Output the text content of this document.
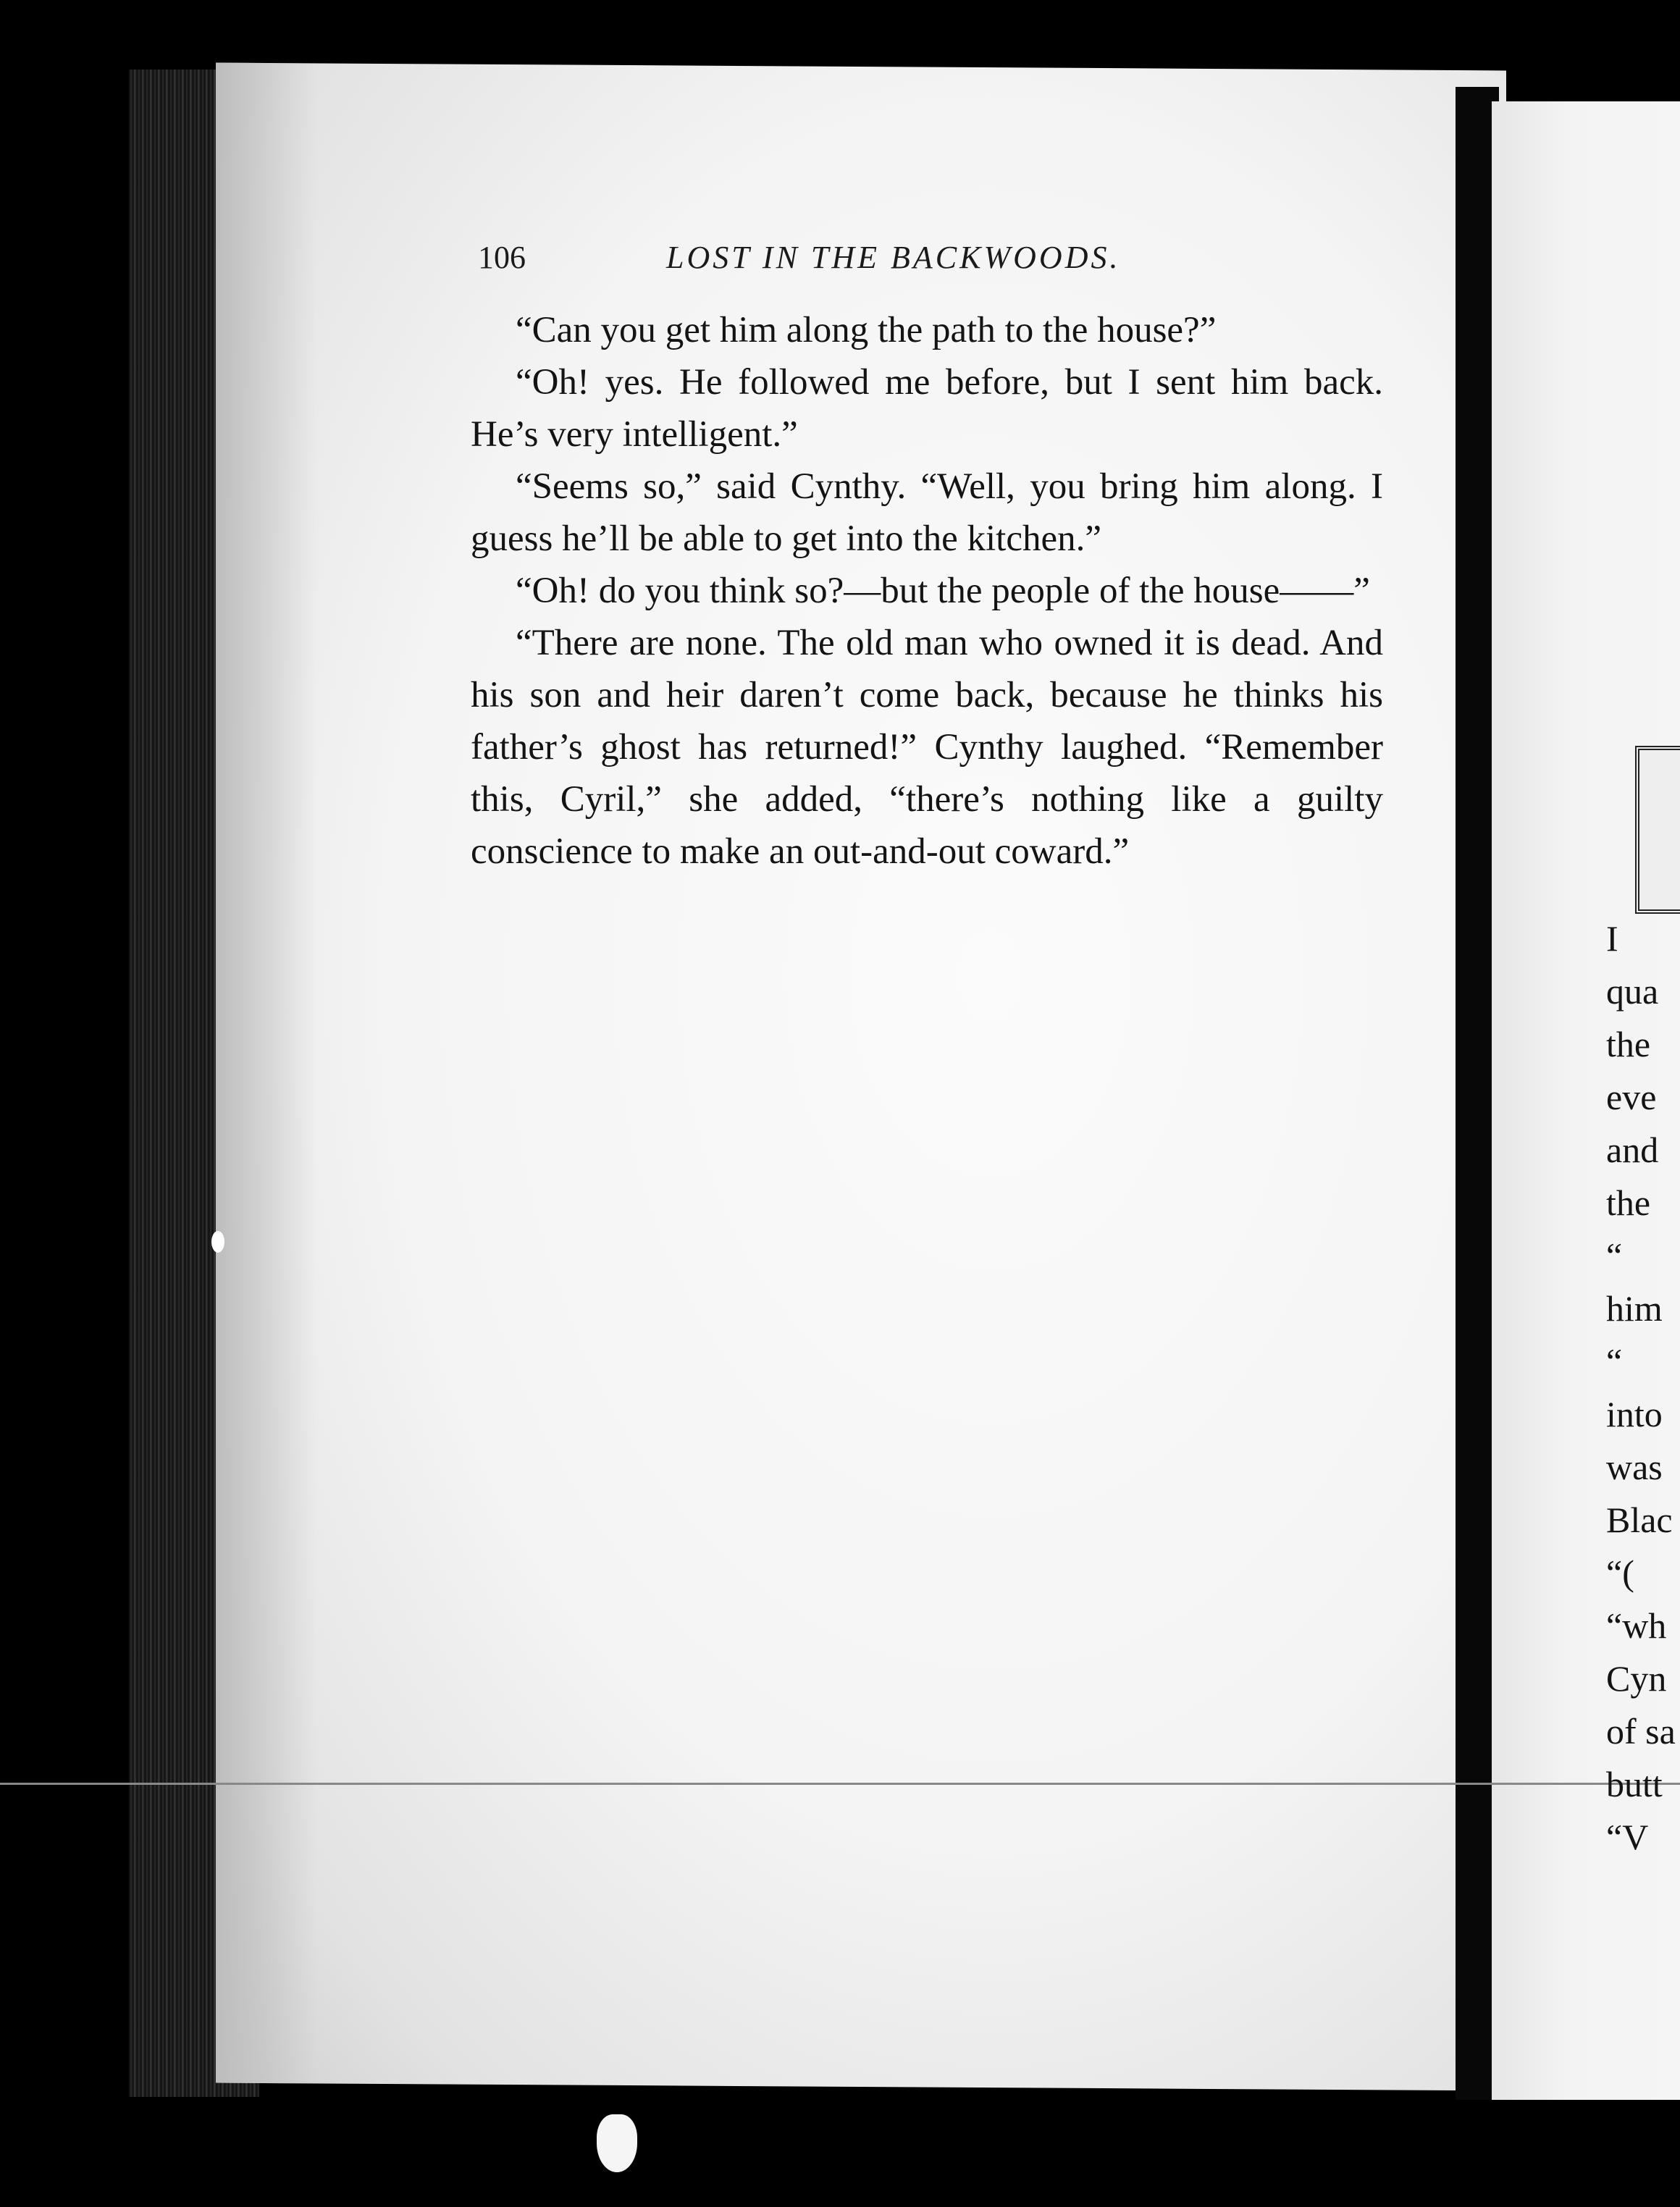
106	LOST IN THE BACKWOODS.

“Can you get him along the path to the house?”

“Oh! yes. He followed me before, but I sent him back. He’s very intelligent.”

“Seems so,” said Cynthy. “Well, you bring him along. I guess he’ll be able to get into the kitchen.”

“Oh! do you think so?—but the people of the house——”

“There are none. The old man who owned it is dead. And his son and heir daren’t come back, because he thinks his father’s ghost has returned!” Cynthy laughed. “Remember this, Cyril,” she added, “there’s nothing like a guilty conscience to make an out-and-out coward.”

I
qua
the
eve
and
the
“
him
“
into
was
Blac
“(
“wh
Cyn
of sa
butt
“V
